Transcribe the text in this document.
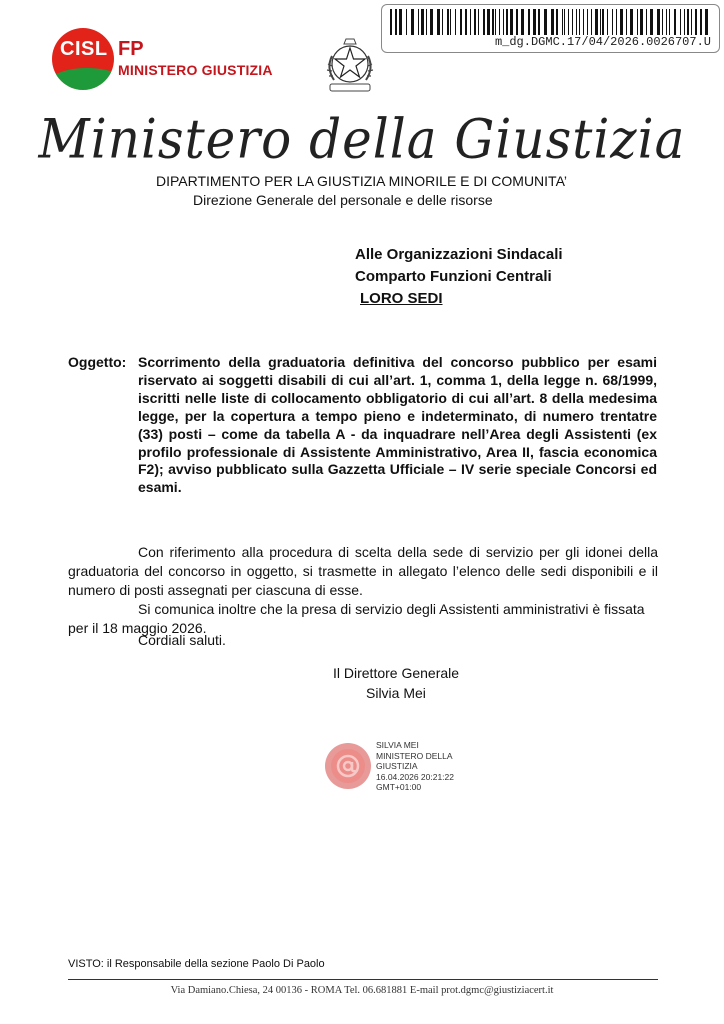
CISL FP
MINISTERO GIUSTIZIA
m_dg.DGMC.17/04/2026.0026707.U
Ministero della Giustizia
DIPARTIMENTO PER LA GIUSTIZIA MINORILE E DI COMUNITA’
Direzione Generale del personale e delle risorse
Alle Organizzazioni Sindacali
Comparto Funzioni Centrali
LORO SEDI
Oggetto: Scorrimento della graduatoria definitiva del concorso pubblico per esami riservato ai soggetti disabili di cui all’art. 1, comma 1, della legge n. 68/1999, iscritti nelle liste di collocamento obbligatorio di cui all’art. 8 della medesima legge, per la copertura a tempo pieno e indeterminato, di numero trentatre (33) posti – come da tabella A - da inquadrare nell’Area degli Assistenti (ex profilo professionale di Assistente Amministrativo, Area II, fascia economica F2); avviso pubblicato sulla Gazzetta Ufficiale – IV serie speciale Concorsi ed esami.
Con riferimento alla procedura di scelta della sede di servizio per gli idonei della graduatoria del concorso in oggetto, si trasmette in allegato l’elenco delle sedi disponibili e il numero di posti assegnati per ciascuna di esse.
Si comunica inoltre che la presa di servizio degli Assistenti amministrativi è fissata per il 18 maggio 2026.
Cordiali saluti.
Il Direttore Generale
Silvia Mei
SILVIA MEI
MINISTERO DELLA
GIUSTIZIA
16.04.2026 20:21:22
GMT+01:00
VISTO: il Responsabile della sezione Paolo Di Paolo
Via Damiano.Chiesa, 24 00136 - ROMA Tel. 06.681881 E-mail prot.dgmc@giustiziacert.it
